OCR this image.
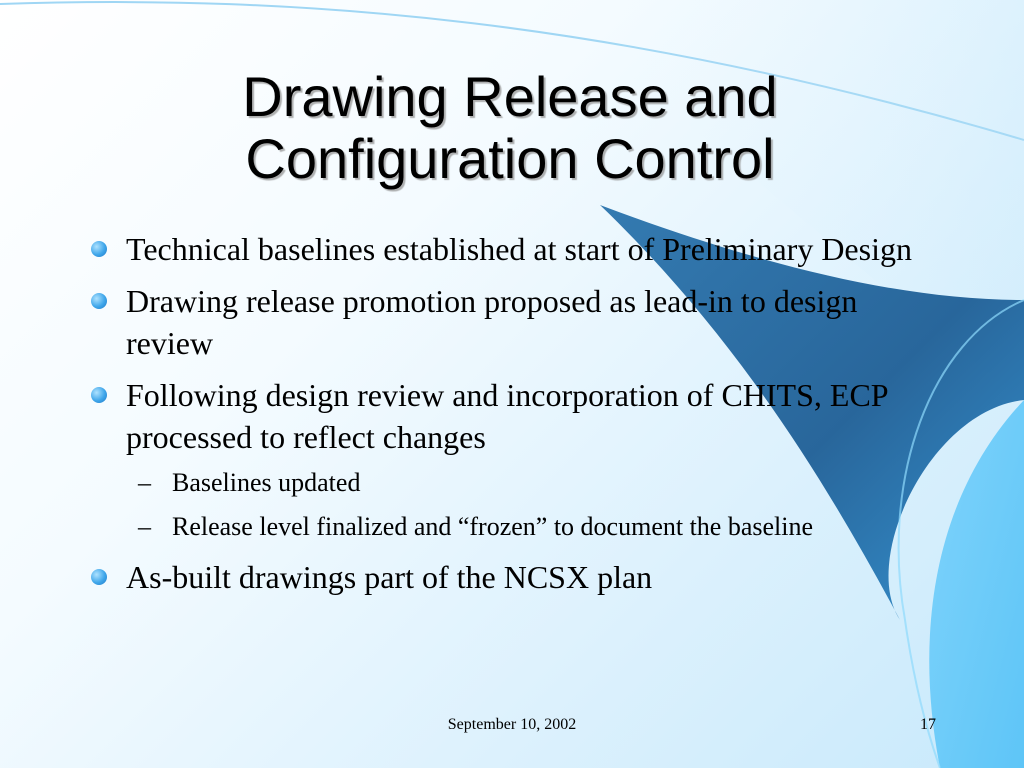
Drawing Release and
Configuration Control
Technical baselines established at start of Preliminary Design
Drawing release promotion proposed as lead-in to design review
Following design review and incorporation of CHITS, ECP processed to reflect changes
– Baselines updated
– Release level finalized and “frozen” to document the baseline
As-built drawings part of the NCSX plan
September 10, 2002	17
